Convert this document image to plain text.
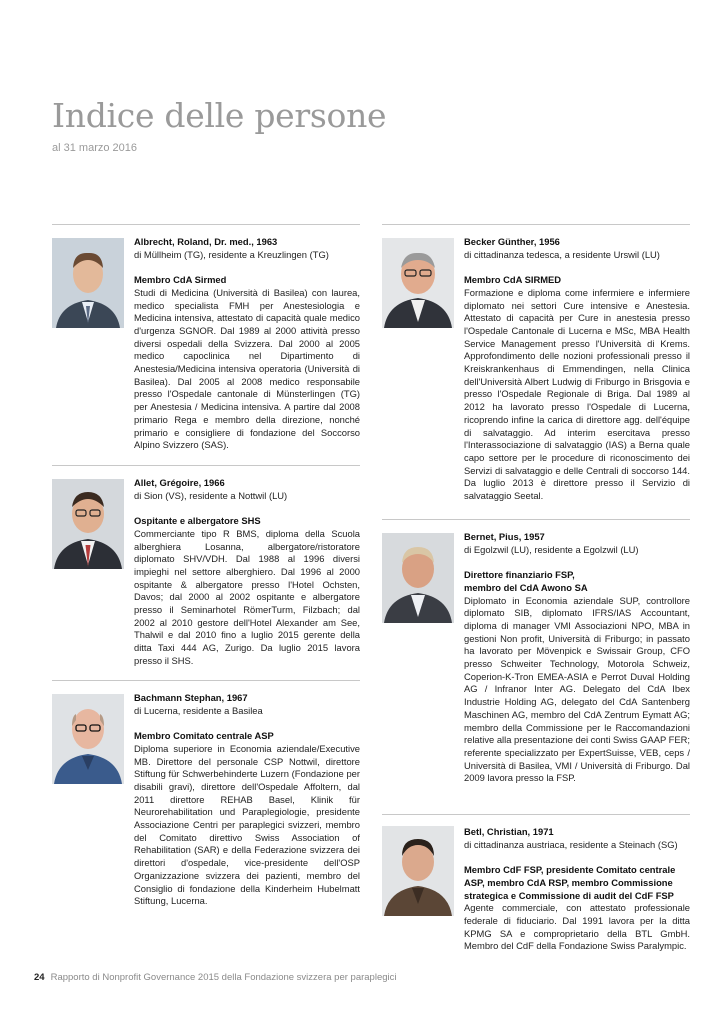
Indice delle persone
al 31 marzo 2016

Albrecht, Roland, Dr. med., 1963

di Müllheim (TG), residente a Kreuzlingen (TG)

Membro CdA Sirmed

Studi di Medicina (Università di Basilea) con laurea, medico specialista FMH per Anestesiologia e Medicina intensiva, attestato di capacità quale medico d'urgenza SGNOR. Dal 1989 al 2000 attività presso diversi ospedali della Svizzera. Dal 2000 al 2005 medico capoclinica nel Dipartimento di Anestesia/Medicina intensiva operatoria (Università di Basilea). Dal 2005 al 2008 medico responsabile presso l'Ospedale cantonale di Münsterlingen (TG) per Anestesia / Medicina intensiva. A partire dal 2008 primario Rega e membro della direzione, nonché primario e consigliere di fondazione del Soccorso Alpino Svizzero (SAS).

Allet, Grégoire, 1966

di Sion (VS), residente a Nottwil (LU)

Ospitante e albergatore SHS

Commerciante tipo R BMS, diploma della Scuola alberghiera Losanna, albergatore/ristoratore diplomato SHV/VDH. Dal 1988 al 1996 diversi impieghi nel settore alberghiero. Dal 1996 al 2000 ospitante & albergatore presso l'Hotel Ochsten, Davos; dal 2000 al 2002 ospitante e albergatore presso il Seminarhotel RömerTurm, Filzbach; dal 2002 al 2010 gestore dell'Hotel Alexander am See, Thalwil e dal 2010 fino a luglio 2015 gerente della ditta Taxi 444 AG, Zurigo. Da luglio 2015 lavora presso il SHS.

Bachmann Stephan, 1967

di Lucerna, residente a Basilea

Membro Comitato centrale ASP

Diploma superiore in Economia aziendale/Executive MB. Direttore del personale CSP Nottwil, direttore Stiftung für Schwerbehinderte Luzern (Fondazione per disabili gravi), direttore dell'Ospedale Affoltern, dal 2011 direttore REHAB Basel, Klinik für Neurorehabilitation und Paraplegiologie, presidente Associazione Centri per paraplegici svizzeri, membro del Comitato direttivo Swiss Association of Rehabilitation (SAR) e della Federazione svizzera dei direttori d'ospedale, vice-presidente dell'OSP Organizzazione svizzera dei pazienti, membro del Consiglio di fondazione della Kinderheim Hubelmatt Stiftung, Lucerna.

Becker Günther, 1956

di cittadinanza tedesca, a residente Urswil (LU)

Membro CdA SIRMED

Formazione e diploma come infermiere e infermiere diplomato nei settori Cure intensive e Anestesia. Attestato di capacità per Cure in anestesia presso l'Ospedale Cantonale di Lucerna e MSc, MBA Health Service Management presso l'Università di Krems. Approfondimento delle nozioni professionali presso il Kreiskrankenhaus di Emmendingen, nella Clinica dell'Università Albert Ludwig di Friburgo in Brisgovia e presso l'Ospedale Regionale di Briga. Dal 1989 al 2012 ha lavorato presso l'Ospedale di Lucerna, ricoprendo infine la carica di direttore agg. dell'équipe di salvataggio. Ad interim esercitava presso l'Interassociazione di salvataggio (IAS) a Berna quale capo settore per le procedure di riconoscimento dei Servizi di salvataggio e delle Centrali di soccorso 144. Da luglio 2013 è direttore presso il Servizio di salvataggio Seetal.

Bernet, Pius, 1957

di Egolzwil (LU), residente a Egolzwil (LU)

Direttore finanziario FSP,

membro del CdA Awono SA

Diplomato in Economia aziendale SUP, controllore diplomato SIB, diplomato IFRS/IAS Accountant, diploma di manager VMI Associazioni NPO, MBA in gestioni Non profit, Università di Friburgo; in passato ha lavorato per Mövenpick e Swissair Group, CFO presso Schweiter Technology, Motorola Schweiz, Coperion-K-Tron EMEA-ASIA e Perrot Duval Holding AG / Infranor Inter AG. Delegato del CdA Ibex Industrie Holding AG, delegato del CdA Santenberg Maschinen AG, membro del CdA Zentrum Eymatt AG; membro della Commissione per le Raccomandazioni relative alla presentazione dei conti Swiss GAAP FER; referente specializzato per ExpertSuisse, VEB, ceps / Università di Basilea, VMI / Università di Friburgo. Dal 2009 lavora presso la FSP.

Betl, Christian, 1971

di cittadinanza austriaca, residente a Steinach (SG)

Membro CdF FSP, presidente Comitato centrale

ASP, membro CdA RSP, membro Commissione

strategica e Commissione di audit del CdF FSP

Agente commerciale, con attestato professionale federale di fiduciario. Dal 1991 lavora per la ditta KPMG SA e comproprietario della BTL GmbH. Membro del CdF della Fondazione Swiss Paralympic.

24 Rapporto di Nonprofit Governance 2015 della Fondazione svizzera per paraplegici
